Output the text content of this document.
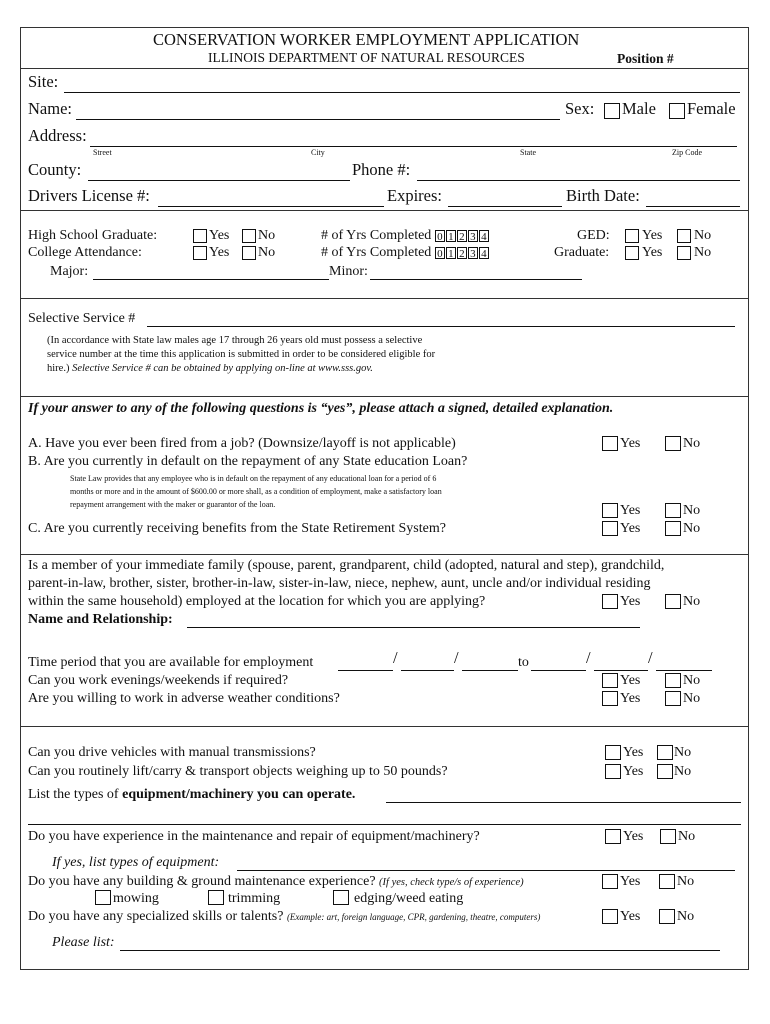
CONSERVATION WORKER EMPLOYMENT APPLICATION
ILLINOIS DEPARTMENT OF NATURAL RESOURCES	Position #
Site:
Name:	Sex: Male Female
Address:
Street	City	State	Zip Code
County:	Phone #:
Drivers License #:	Expires:	Birth Date:
High School Graduate:	Yes No	# of Yrs Completed 0 1 2 3 4	GED: Yes No
College Attendance:	Yes No	# of Yrs Completed 0 1 2 3 4	Graduate: Yes No
Major:	Minor:
Selective Service #
(In accordance with State law males age 17 through 26 years old must possess a selective
service number at the time this application is submitted in order to be considered eligible for
hire.) Selective Service # can be obtained by applying on-line at www.sss.gov.
If your answer to any of the following questions is “yes”, please attach a signed, detailed explanation.
A. Have you ever been fired from a job? (Downsize/layoff is not applicable)	Yes	No
B. Are you currently in default on the repayment of any State education Loan?
State Law provides that any employee who is in default on the repayment of any educational loan for a period of 6
months or more and in the amount of $600.00 or more shall, as a condition of employment, make a satisfactory loan
repayment arrangement with the maker or guarantor of the loan.	Yes	No
C. Are you currently receiving benefits from the State Retirement System?	Yes	No
Is a member of your immediate family (spouse, parent, grandparent, child (adopted, natural and step), grandchild,
parent-in-law, brother, sister, brother-in-law, sister-in-law, niece, nephew, aunt, uncle and/or individual residing
within the same household) employed at the location for which you are applying?	Yes	No
Name and Relationship:
Time period that you are available for employment	/	/	to	/	/
Can you work evenings/weekends if required?	Yes	No
Are you willing to work in adverse weather conditions?	Yes	No
Can you drive vehicles with manual transmissions?	Yes No
Can you routinely lift/carry & transport objects weighing up to 50 pounds?	Yes No
List the types of equipment/machinery you can operate.
Do you have experience in the maintenance and repair of equipment/machinery?	Yes No
If yes, list types of equipment:
Do you have any building & ground maintenance experience? (If yes, check type/s of experience)	Yes	No
mowing	trimming	edging/weed eating
Do you have any specialized skills or talents? (Example: art, foreign language, CPR, gardening, theatre, computers)	Yes	No
Please list:
